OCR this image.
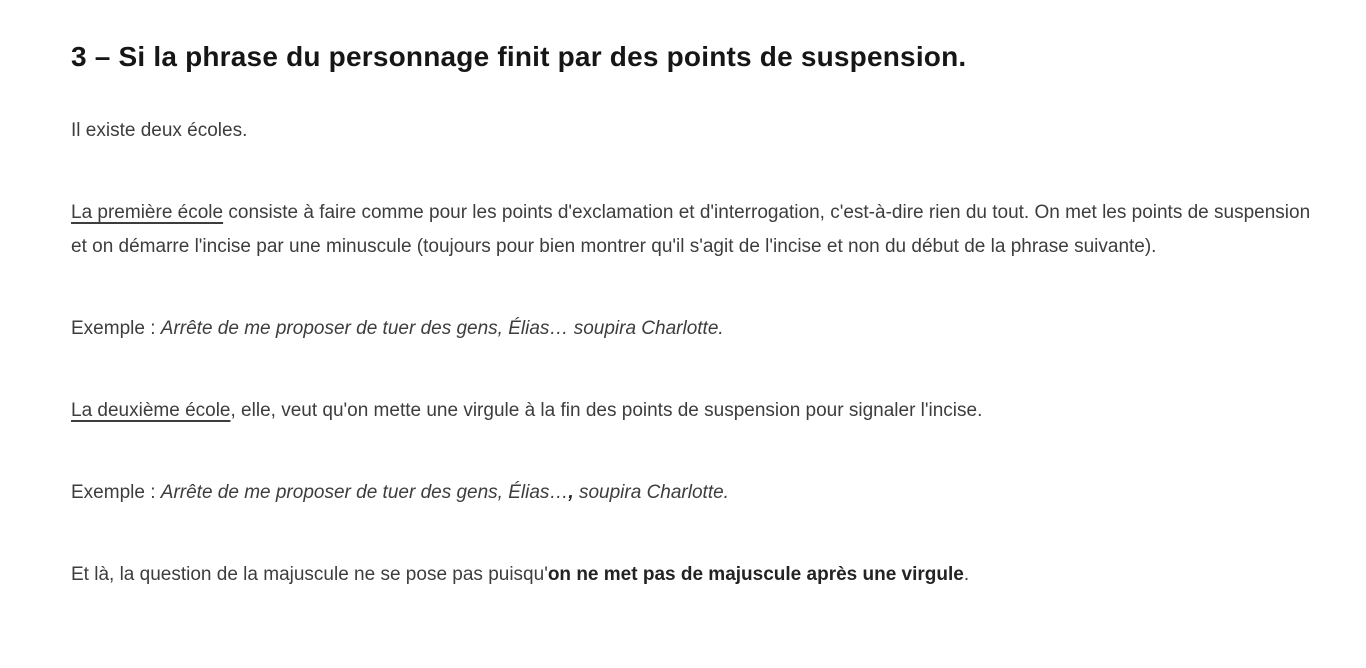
3 – Si la phrase du personnage finit par des points de suspension.

Il existe deux écoles.

La première école consiste à faire comme pour les points d'exclamation et d'interrogation, c'est-à-dire rien du tout. On met les points de suspension et on démarre l'incise par une minuscule (toujours pour bien montrer qu'il s'agit de l'incise et non du début de la phrase suivante).

Exemple : Arrête de me proposer de tuer des gens, Élias… soupira Charlotte.

La deuxième école, elle, veut qu'on mette une virgule à la fin des points de suspension pour signaler l'incise.

Exemple : Arrête de me proposer de tuer des gens, Élias…, soupira Charlotte.

Et là, la question de la majuscule ne se pose pas puisqu'on ne met pas de majuscule après une virgule.
